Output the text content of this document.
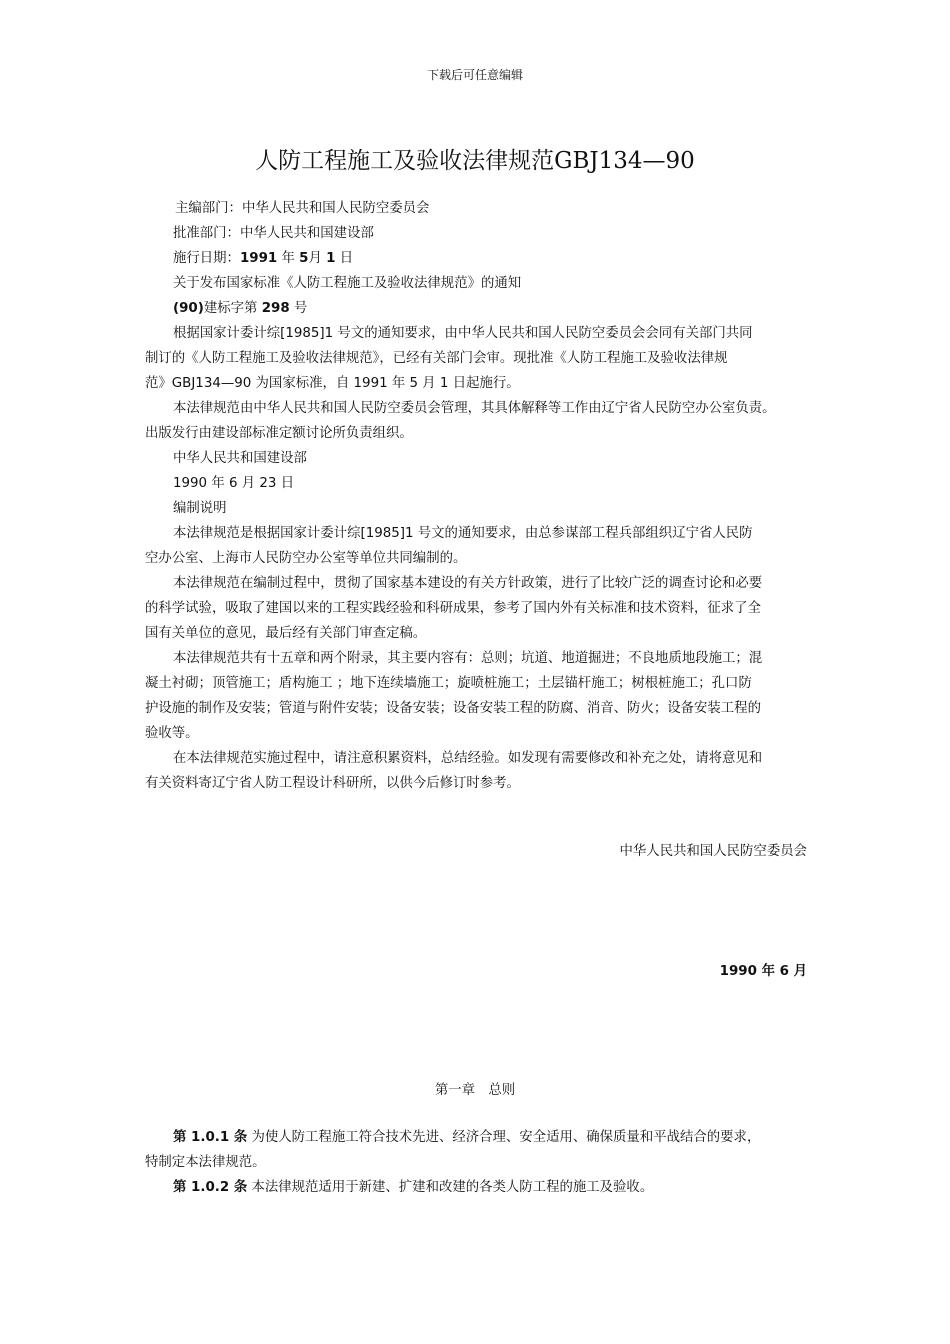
下载后可任意编辑
人防工程施工及验收法律规范GBJ134—90
主编部门：中华人民共和国人民防空委员会
批准部门：中华人民共和国建设部
施行日期：1991 年 5月 1 日
关于发布国家标准《人防工程施工及验收法律规范》的通知
(90)建标字第 298 号
根据国家计委计综[1985]1 号文的通知要求，由中华人民共和国人民防空委员会会同有关部门共同
制订的《人防工程施工及验收法律规范》，已经有关部门会审。现批准《人防工程施工及验收法律规
范》GBJ134—90 为国家标准，自 1991 年 5 月 1 日起施行。
本法律规范由中华人民共和国人民防空委员会管理，其具体解释等工作由辽宁省人民防空办公室负责。
出版发行由建设部标准定额讨论所负责组织。
中华人民共和国建设部
1990 年 6 月 23 日
编制说明
本法律规范是根据国家计委计综[1985]1 号文的通知要求，由总参谋部工程兵部组织辽宁省人民防
空办公室、上海市人民防空办公室等单位共同编制的。
本法律规范在编制过程中，贯彻了国家基本建设的有关方针政策，进行了比较广泛的调查讨论和必要
的科学试验，吸取了建国以来的工程实践经验和科研成果，参考了国内外有关标准和技术资料，征求了全
国有关单位的意见，最后经有关部门审查定稿。
本法律规范共有十五章和两个附录，其主要内容有：总则；坑道、地道掘进；不良地质地段施工；混
凝土衬砌；顶管施工；盾构施工 ；地下连续墙施工；旋喷桩施工；土层锚杆施工；树根桩施工；孔口防
护设施的制作及安装；管道与附件安装；设备安装；设备安装工程的防腐、消音、防火；设备安装工程的
验收等。
在本法律规范实施过程中，请注意积累资料，总结经验。如发现有需要修改和补充之处，请将意见和
有关资料寄辽宁省人防工程设计科研所，以供今后修订时参考。
中华人民共和国人民防空委员会
1990 年 6 月
第一章　总则
第 1.0.1 条 为使人防工程施工符合技术先进、经济合理、安全适用、确保质量和平战结合的要求，
特制定本法律规范。
第 1.0.2 条 本法律规范适用于新建、扩建和改建的各类人防工程的施工及验收。
